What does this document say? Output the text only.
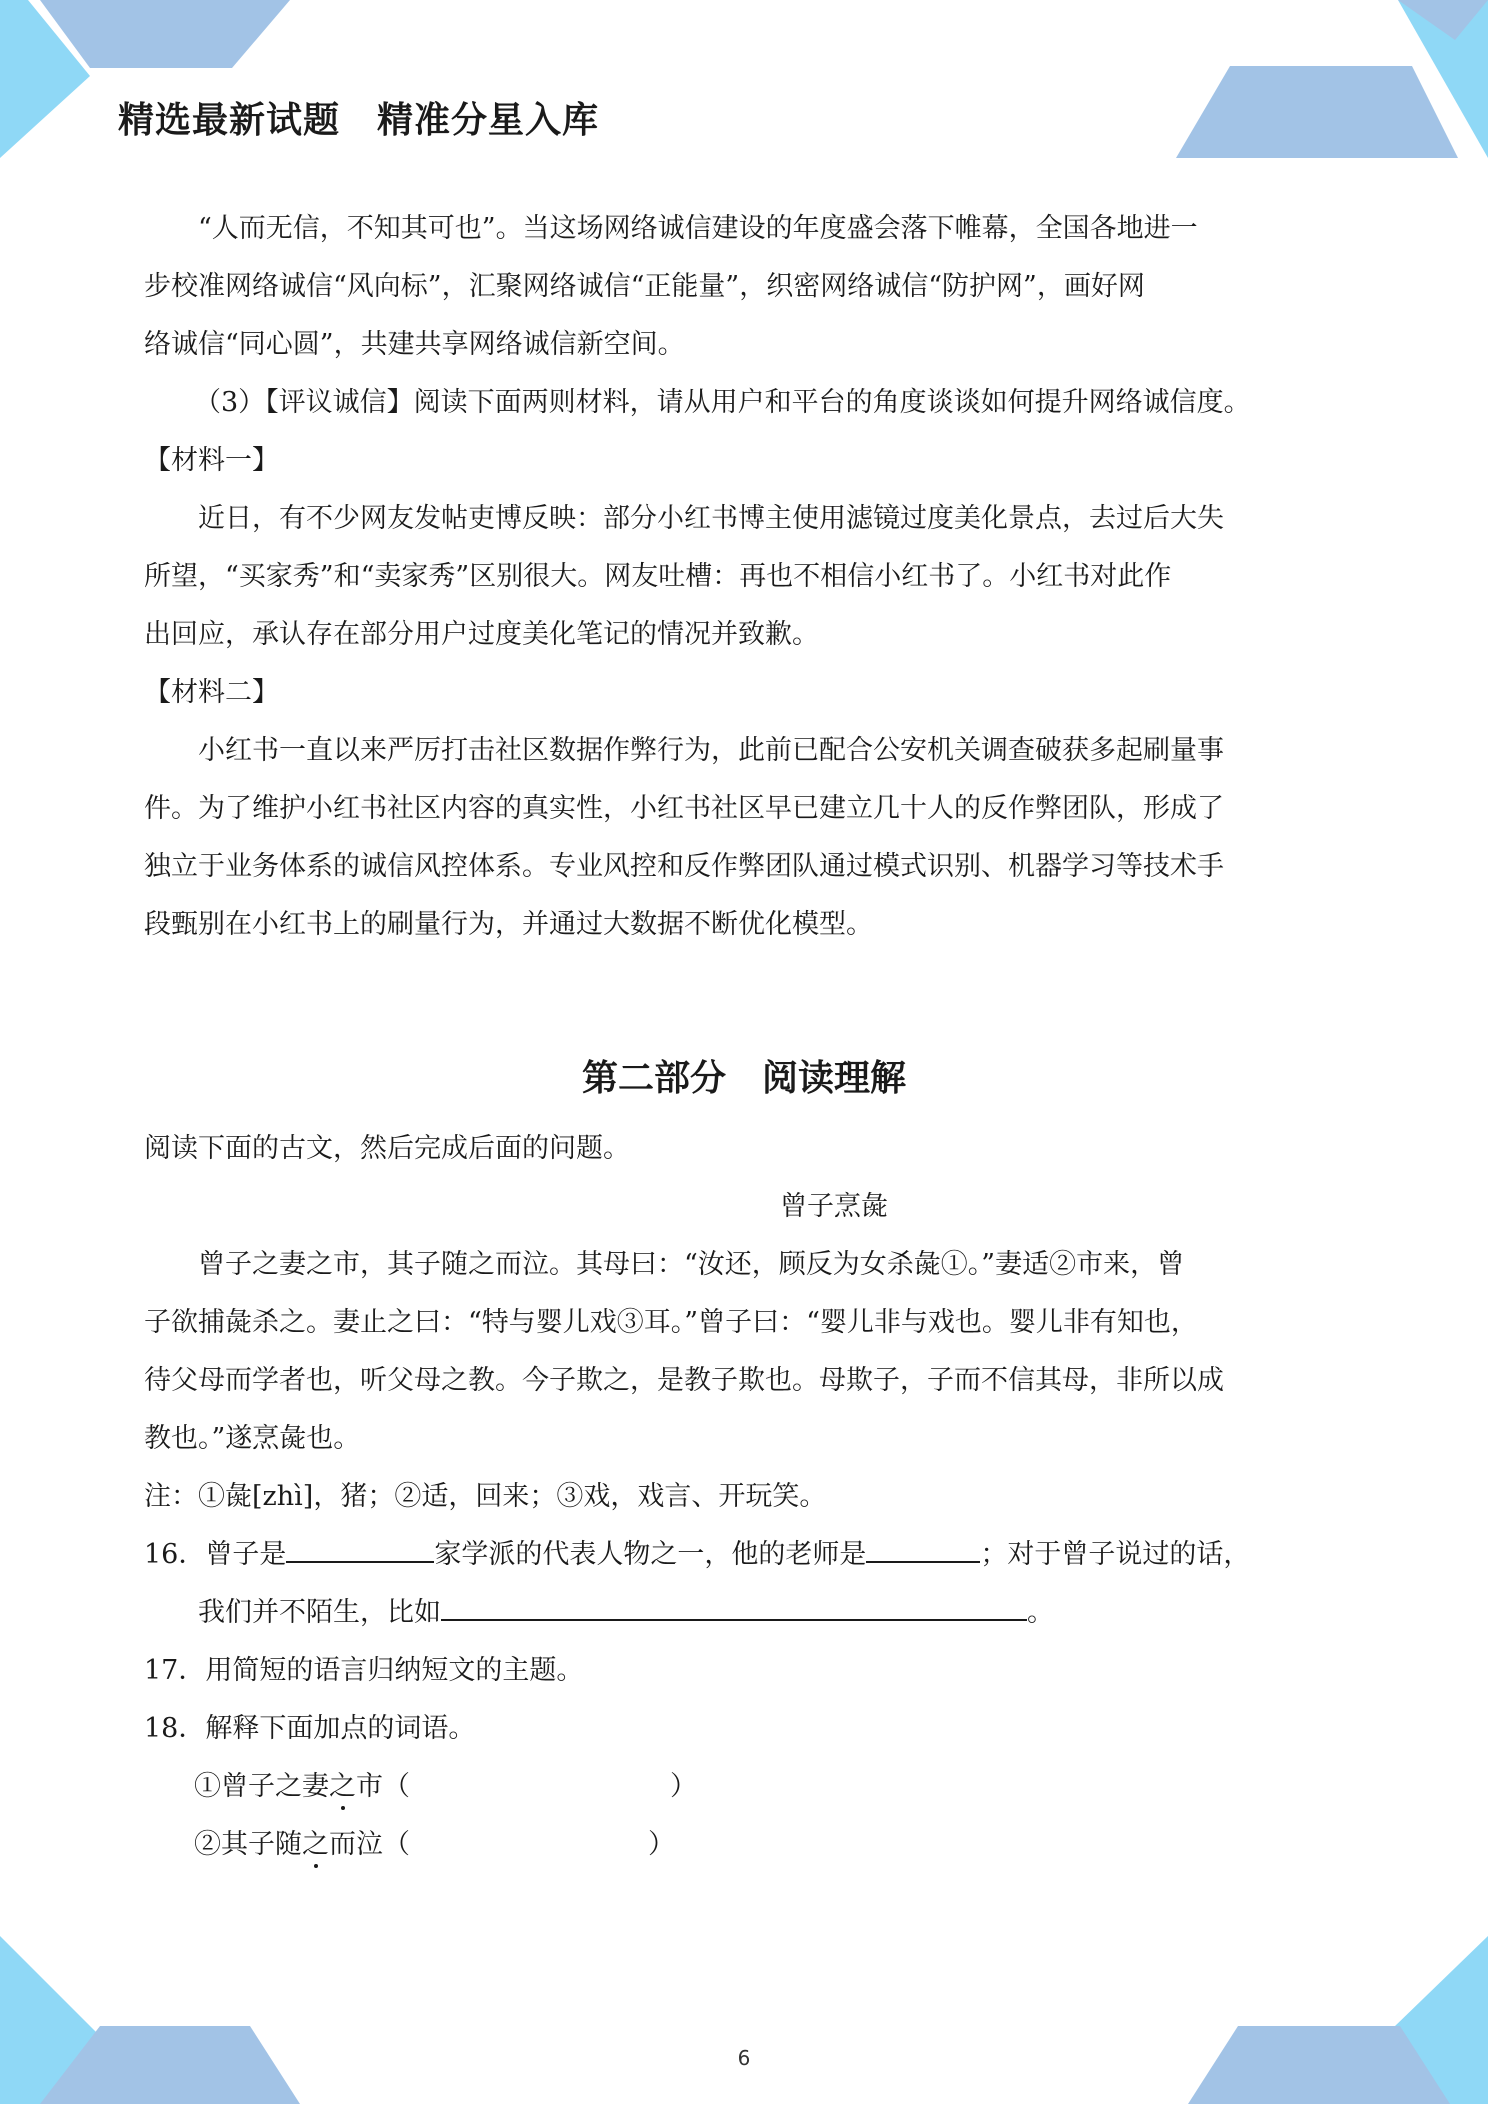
精选最新试题　精准分星入库

“人而无信，不知其可也”。当这场网络诚信建设的年度盛会落下帷幕，全国各地进一

步校准网络诚信“风向标”，汇聚网络诚信“正能量”，织密网络诚信“防护网”，画好网

络诚信“同心圆”，共建共享网络诚信新空间。

（3）【评议诚信】阅读下面两则材料，请从用户和平台的角度谈谈如何提升网络诚信度。

【材料一】

近日，有不少网友发帖吏博反映：部分小红书博主使用滤镜过度美化景点，去过后大失

所望，“买家秀”和“卖家秀”区别很大。网友吐槽：再也不相信小红书了。小红书对此作

出回应，承认存在部分用户过度美化笔记的情况并致歉。

【材料二】

小红书一直以来严厉打击社区数据作弊行为，此前已配合公安机关调查破获多起刷量事

件。为了维护小红书社区内容的真实性，小红书社区早已建立几十人的反作弊团队，形成了

独立于业务体系的诚信风控体系。专业风控和反作弊团队通过模式识别、机器学习等技术手

段甄别在小红书上的刷量行为，并通过大数据不断优化模型。

第二部分　阅读理解

阅读下面的古文，然后完成后面的问题。

曾子烹彘

曾子之妻之市，其子随之而泣。其母曰：“汝还，顾反为女杀彘①。”妻适②市来，曾

子欲捕彘杀之。妻止之曰：“特与婴儿戏③耳。”曾子曰：“婴儿非与戏也。婴儿非有知也，

待父母而学者也，听父母之教。今子欺之，是教子欺也。母欺子，子而不信其母，非所以成

教也。”遂烹彘也。

注：①彘[zhì]，猪；②适，回来；③戏，戏言、开玩笑。

16．曾子是	家学派的代表人物之一，他的老师是	；对于曾子说过的话，

我们并不陌生，比如	。

17．用简短的语言归纳短文的主题。

18．解释下面加点的词语。

①曾子之妻之市（	）

②其子随之而泣（	）

6
